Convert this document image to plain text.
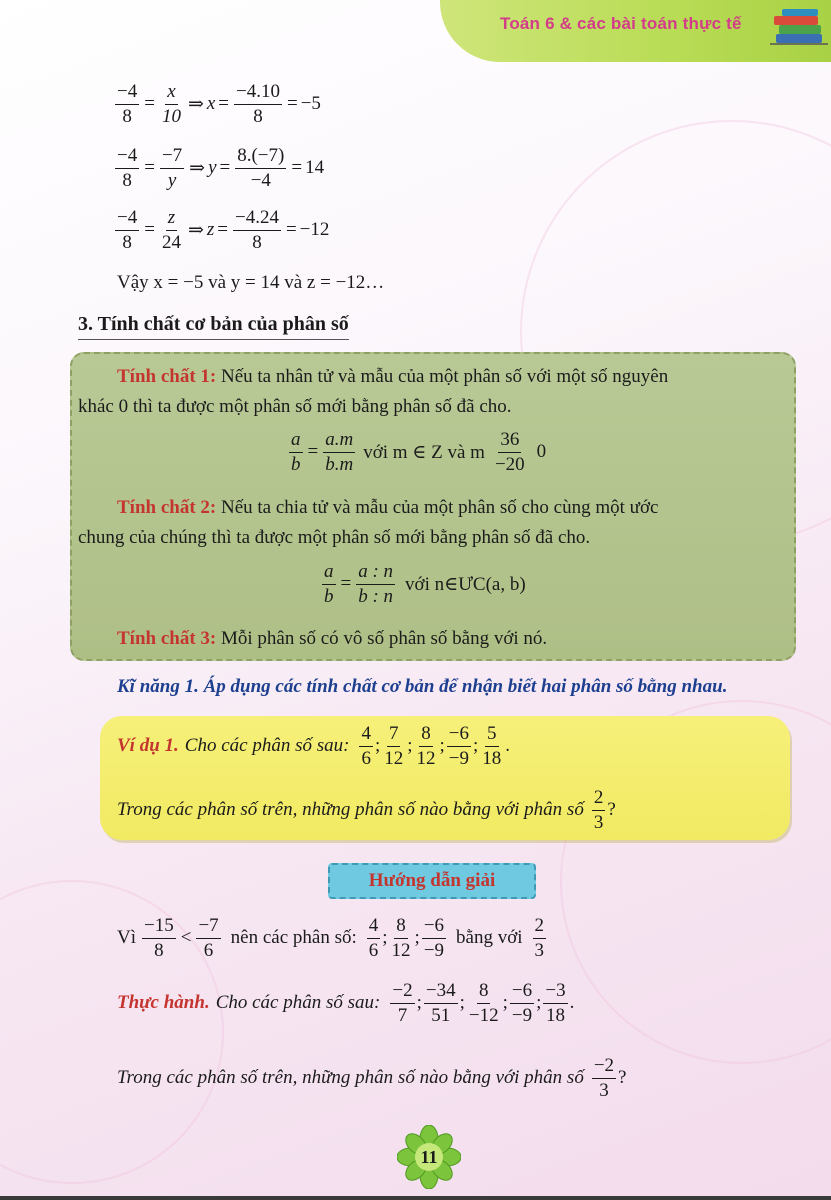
Toán 6 & các bài toán thực tế
$\frac{-4}{8} = \frac{x}{10}$ ⇒ $x = \frac{-4.10}{8} = -5$
$\frac{-4}{8} = \frac{-7}{y}$ ⇒ $y = \frac{8.(-7)}{-4} = 14$
$\frac{-4}{8} = \frac{z}{24}$ ⇒ $z = \frac{-4.24}{8} = -12$
Vậy x = −5 và y = 14 và z = −12…
3. Tính chất cơ bản của phân số
Tính chất 1: Nếu ta nhân tử và mẫu của một phân số với một số nguyên
khác 0 thì ta được một phân số mới bằng phân số đã cho.
$\frac{a}{b} = \frac{a.m}{b.m}$ với m ∈ Z và m $\frac{36}{-20} 0$
Tính chất 2: Nếu ta chia tử và mẫu của một phân số cho cùng một ước
chung của chúng thì ta được một phân số mới bằng phân số đã cho.
$\frac{a}{b} = \frac{a : n}{b : n}$ với n∈ƯC(a, b)
Tính chất 3: Mỗi phân số có vô số phân số bằng với nó.
Kĩ năng 1. Áp dụng các tính chất cơ bản để nhận biết hai phân số bằng nhau.
Ví dụ 1. Cho các phân số sau: $\frac{4}{6}$ ; $\frac{7}{12}$ ; $\frac{8}{12}$ ; $\frac{-6}{-9}$ ; $\frac{5}{18}$ .
Trong các phân số trên, những phân số nào bằng với phân số $\frac{2}{3}$ ?
Hướng dẫn giải
Vì $\frac{-15}{8} < \frac{-7}{6}$ nên các phân số: $\frac{4}{6}$ ; $\frac{8}{12}$ ; $\frac{-6}{-9}$ bằng với $\frac{2}{3}$
Thực hành. Cho các phân số sau: $\frac{-2}{7}$ ; $\frac{-34}{51}$ ; $\frac{8}{-12}$ ; $\frac{-6}{-9}$ ; $\frac{-3}{18}$ .
Trong các phân số trên, những phân số nào bằng với phân số $\frac{-2}{3}$ ?
11
